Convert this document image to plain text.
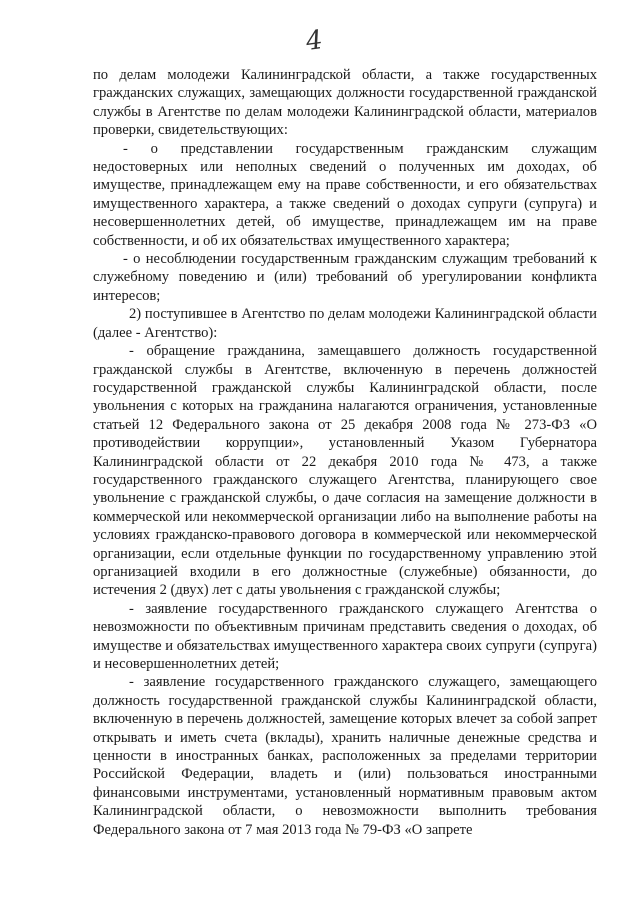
4

по делам молодежи Калининградской области, а также государственных гражданских служащих, замещающих должности государственной гражданской службы в Агентстве по делам молодежи Калининградской области, материалов проверки, свидетельствующих:

- о представлении государственным гражданским служащим недостоверных или неполных сведений о полученных им доходах, об имуществе, принадлежащем ему на праве собственности, и его обязательствах имущественного характера, а также сведений о доходах супруги (супруга) и несовершеннолетних детей, об имуществе, принадлежащем им на праве собственности, и об их обязательствах имущественного характера;

- о несоблюдении государственным гражданским служащим требований к служебному поведению и (или) требований об урегулировании конфликта интересов;

2) поступившее в Агентство по делам молодежи Калининградской области (далее - Агентство):

- обращение гражданина, замещавшего должность государственной гражданской службы в Агентстве, включенную в перечень должностей государственной гражданской службы Калининградской области, после увольнения с которых на гражданина налагаются ограничения, установленные статьей 12 Федерального закона от 25 декабря 2008 года № 273-ФЗ «О противодействии коррупции», установленный Указом Губернатора Калининградской области от 22 декабря 2010 года № 473, а также государственного гражданского служащего Агентства, планирующего свое увольнение с гражданской службы, о даче согласия на замещение должности в коммерческой или некоммерческой организации либо на выполнение работы на условиях гражданско-правового договора в коммерческой или некоммерческой организации, если отдельные функции по государственному управлению этой организацией входили в его должностные (служебные) обязанности, до истечения 2 (двух) лет с даты увольнения с гражданской службы;

- заявление государственного гражданского служащего Агентства о невозможности по объективным причинам представить сведения о доходах, об имуществе и обязательствах имущественного характера своих супруги (супруга) и несовершеннолетних детей;

- заявление государственного гражданского служащего, замещающего должность государственной гражданской службы Калининградской области, включенную в перечень должностей, замещение которых влечет за собой запрет открывать и иметь счета (вклады), хранить наличные денежные средства и ценности в иностранных банках, расположенных за пределами территории Российской Федерации, владеть и (или) пользоваться иностранными финансовыми инструментами, установленный нормативным правовым актом Калининградской области, о невозможности выполнить требования Федерального закона от 7 мая 2013 года № 79-ФЗ «О запрете
